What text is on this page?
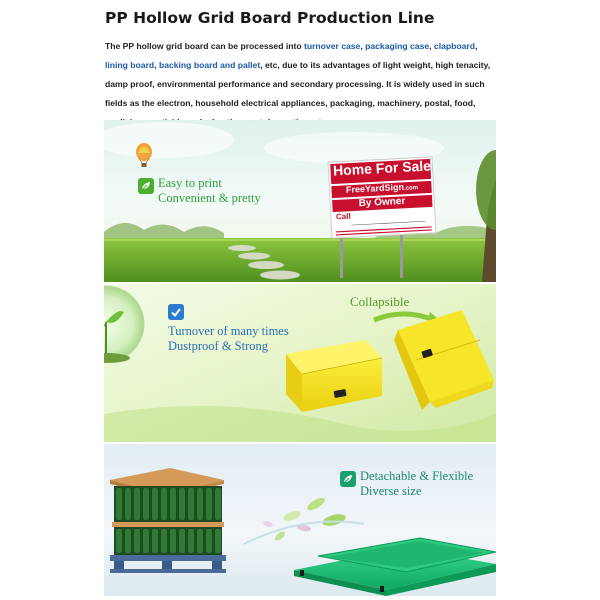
PP Hollow Grid Board Production Line
The PP hollow grid board can be processed into turnover case, packaging case, clapboard, lining board, backing board and pallet, etc, due to its advantages of light weight, high tenacity, damp proof, environmental performance and secondary processing. It is widely used in such fields as the electron, household electrical appliances, packaging, machinery, postal, food,
Home For Sale
FreeYardSign.com
By Owner
Call
Easy to print
Convenient & pretty
Collapsible
Turnover of many times
Dustproof & Strong
Detachable & Flexible
Diverse size
